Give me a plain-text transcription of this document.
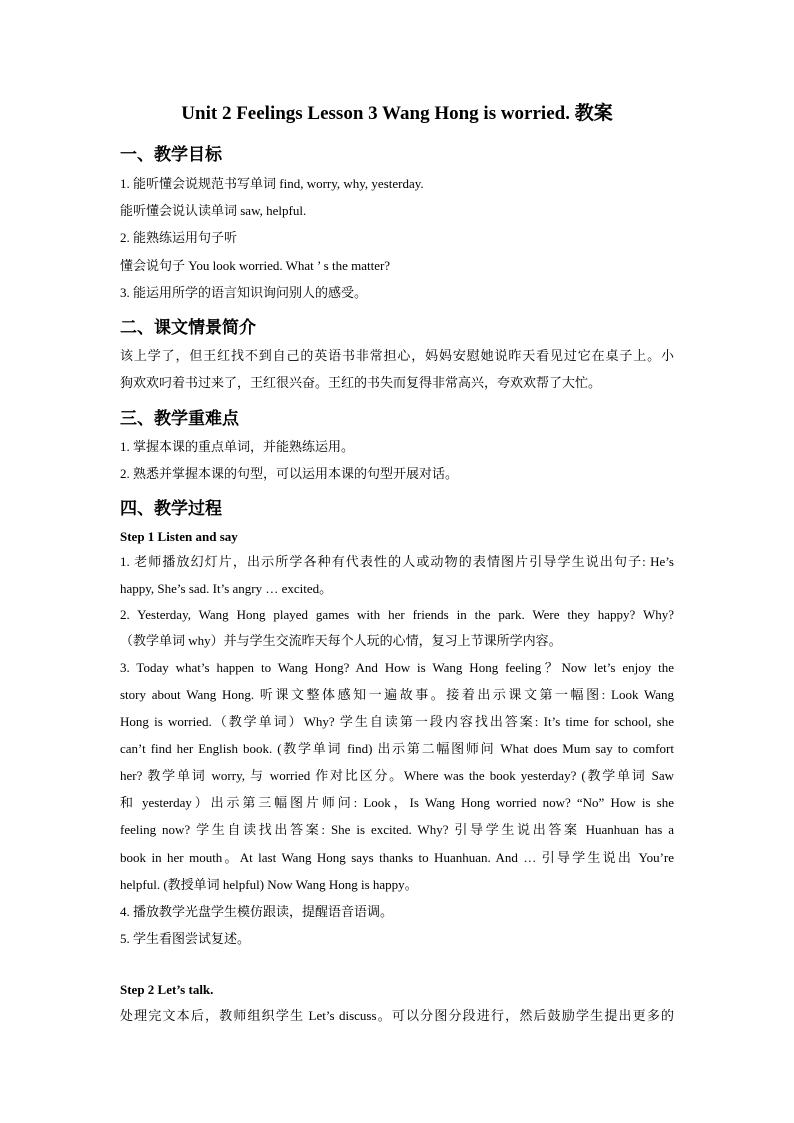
Unit 2 Feelings Lesson 3 Wang Hong is worried. 教案
一、教学目标
1. 能听懂会说规范书写单词 find, worry, why, yesterday.
能听懂会说认读单词 saw, helpful.
2. 能熟练运用句子听
懂会说句子 You look worried. What ’ s the matter?
3. 能运用所学的语言知识询问别人的感受。
二、课文情景简介
该上学了，但王红找不到自己的英语书非常担心，妈妈安慰她说昨天看见过它在桌子上。小
狗欢欢叼着书过来了，王红很兴奋。王红的书失而复得非常高兴，夸欢欢帮了大忙。
三、教学重难点
1. 掌握本课的重点单词，并能熟练运用。
2. 熟悉并掌握本课的句型，可以运用本课的句型开展对话。
四、教学过程
Step 1 Listen and say
1. 老师播放幻灯片，出示所学各种有代表性的人或动物的表情图片引导学生说出句子: He’s
happy, She’s sad. It’s angry … excited。
2. Yesterday, Wang Hong played games with her friends in the park. Were they happy? Why?
（教学单词 why）并与学生交流昨天每个人玩的心情，复习上节课所学内容。
3. Today what’s happen to Wang Hong? And How is Wang Hong feeling？Now let’s enjoy the
story about Wang Hong. 听课文整体感知一遍故事。接着出示课文第一幅图: Look Wang
Hong is worried.（教学单词）Why? 学生自读第一段内容找出答案: It’s time for school, she
can’t find her English book. (教学单词 find) 出示第二幅图师问 What does Mum say to comfort
her? 教学单词 worry, 与 worried 作对比区分。Where was the book yesterday? (教学单词 Saw
和 yesterday）出示第三幅图片师问: Look，Is Wang Hong worried now? “No” How is she
feeling now? 学生自读找出答案: She is excited. Why? 引导学生说出答案 Huanhuan has a
book in her mouth。At last Wang Hong says thanks to Huanhuan. And … 引导学生说出 You’re
helpful. (教授单词 helpful) Now Wang Hong is happy。
4. 播放教学光盘学生模仿跟读，提醒语音语调。
5. 学生看图尝试复述。
Step 2 Let’s talk.
处理完文本后，教师组织学生 Let’s discuss。可以分图分段进行，然后鼓励学生提出更多的
